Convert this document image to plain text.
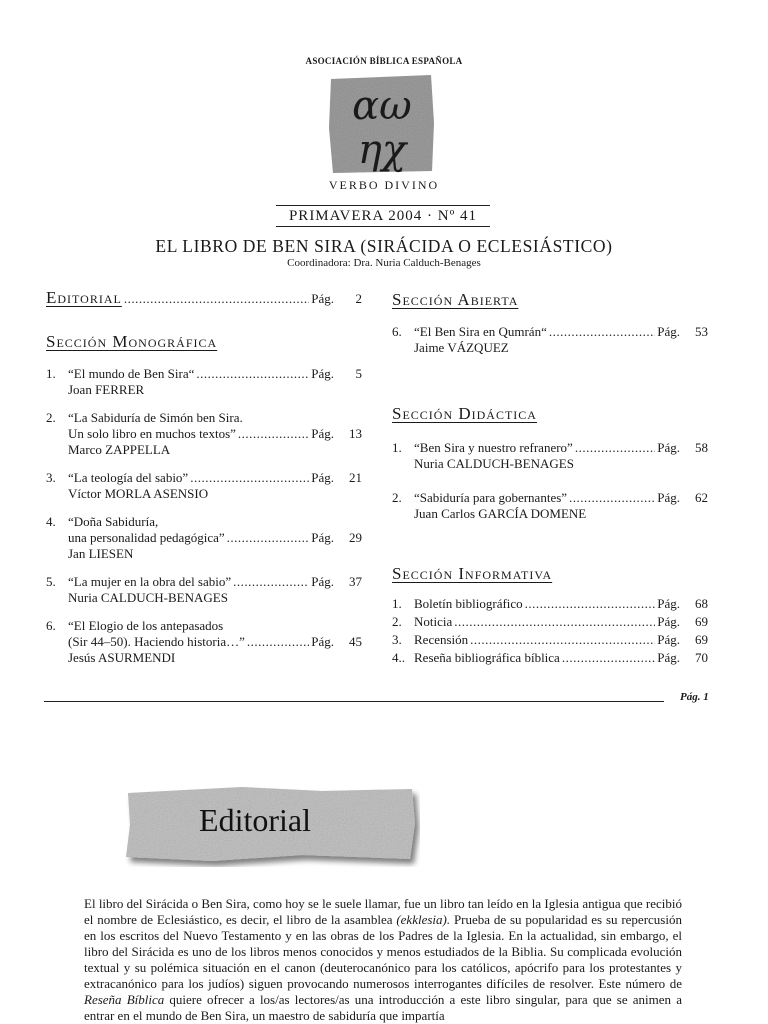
ASOCIACIÓN BÍBLICA ESPAÑOLA
αω
ηχ
VERBO DIVINO
PRIMAVERA 2004 · Nº 41
EL LIBRO DE BEN SIRA (SIRÁCIDA O ECLESIÁSTICO)
Coordinadora: Dra. Nuria Calduch-Benages
Editorial .....	Pág.	2
Sección Monográfica
1. “El mundo de Ben Sira“ .....	Pág.	5
Joan FERRER
2. “La Sabiduría de Simón ben Sira.
Un solo libro en muchos textos” .....	Pág.	13
Marco ZAPPELLA
3. “La teología del sabio” .....	Pág.	21
Víctor MORLA ASENSIO
4. “Doña Sabiduría,
una personalidad pedagógica” .....	Pág.	29
Jan LIESEN
5. “La mujer en la obra del sabio” .....	Pág.	37
Nuria CALDUCH-BENAGES
6. “El Elogio de los antepasados
(Sir 44–50). Haciendo historia…” .....	Pág.	45
Jesús ASURMENDI
Sección Abierta
6. “El Ben Sira en Qumrán“ .....	Pág.	53
Jaime VÁZQUEZ
Sección Didáctica
1. “Ben Sira y nuestro refranero” .....	Pág.	58
Nuria CALDUCH-BENAGES
2. “Sabiduría para gobernantes” .....	Pág.	62
Juan Carlos GARCÍA DOMENE
Sección Informativa
1. Boletín bibliográfico .....	Pág.	68
2. Noticia .....	Pág.	69
3. Recensión .....	Pág.	69
4.. Reseña bibliográfica bíblica .....	Pág.	70
Pág. 1
Editorial
El libro del Sirácida o Ben Sira, como hoy se le suele llamar, fue un libro tan leído en la Iglesia antigua que recibió el nombre de Eclesiástico, es decir, el libro de la asamblea (ekklesia). Prueba de su popularidad es su repercusión en los escritos del Nuevo Testamento y en las obras de los Padres de la Iglesia. En la actualidad, sin embargo, el libro del Sirácida es uno de los libros menos conocidos y menos estudiados de la Biblia. Su complicada evolución textual y su polémica situación en el canon (deuterocanónico para los católicos, apócrifo para los protestantes y extracanónico para los judíos) siguen provocando numerosos interrogantes difíciles de resolver. Este número de Reseña Bíblica quiere ofrecer a los/as lectores/as una introducción a este libro singular, para que se animen a entrar en el mundo de Ben Sira, un maestro de sabiduría que impartía
